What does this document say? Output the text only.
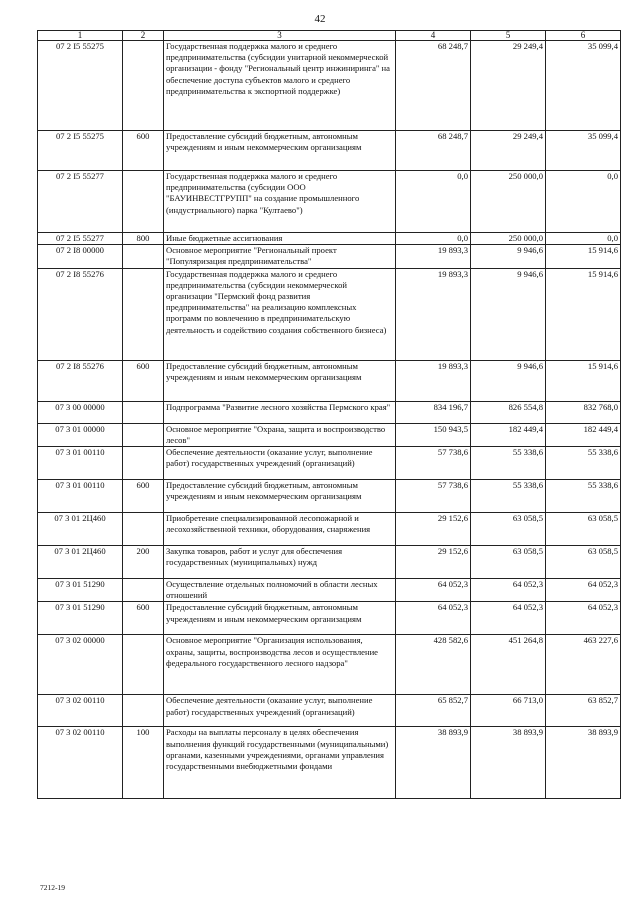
42
1	2	3	4	5	6
07 2 I5 55275		Государственная поддержка малого и среднего предпринимательства (субсидии унитарной некоммерческой организации - фонду "Региональный центр инжиниринга" на обеспечение доступа субъектов малого и среднего предпринимательства к экспортной поддержке)	68 248,7	29 249,4	35 099,4
07 2 I5 55275	600	Предоставление субсидий бюджетным, автономным учреждениям и иным некоммерческим организациям	68 248,7	29 249,4	35 099,4
07 2 I5 55277		Государственная поддержка малого и среднего предпринимательства (субсидии ООО "БАУИНВЕСТГРУПП" на создание промышленного (индустриального) парка "Култаево")	0,0	250 000,0	0,0
07 2 I5 55277	800	Иные бюджетные ассигнования	0,0	250 000,0	0,0
07 2 I8 00000		Основное мероприятие "Региональный проект "Популяризация предпринимательства"	19 893,3	9 946,6	15 914,6
07 2 I8 55276		Государственная поддержка малого и среднего предпринимательства (субсидии некоммерческой организации "Пермский фонд развития предпринимательства" на реализацию комплексных программ по вовлечению в предпринимательскую деятельность и содействию создания собственного бизнеса)	19 893,3	9 946,6	15 914,6
07 2 I8 55276	600	Предоставление субсидий бюджетным, автономным учреждениям и иным некоммерческим организациям	19 893,3	9 946,6	15 914,6
07 3 00 00000		Подпрограмма "Развитие лесного хозяйства Пермского края"	834 196,7	826 554,8	832 768,0
07 3 01 00000		Основное мероприятие "Охрана, защита и воспроизводство лесов"	150 943,5	182 449,4	182 449,4
07 3 01 00110		Обеспечение деятельности (оказание услуг, выполнение работ) государственных учреждений (организаций)	57 738,6	55 338,6	55 338,6
07 3 01 00110	600	Предоставление субсидий бюджетным, автономным учреждениям и иным некоммерческим организациям	57 738,6	55 338,6	55 338,6
07 3 01 2Ц460		Приобретение специализированной лесопожарной и лесохозяйственной техники, оборудования, снаряжения	29 152,6	63 058,5	63 058,5
07 3 01 2Ц460	200	Закупка товаров, работ и услуг для обеспечения государственных (муниципальных) нужд	29 152,6	63 058,5	63 058,5
07 3 01 51290		Осуществление отдельных полномочий в области лесных отношений	64 052,3	64 052,3	64 052,3
07 3 01 51290	600	Предоставление субсидий бюджетным, автономным учреждениям и иным некоммерческим организациям	64 052,3	64 052,3	64 052,3
07 3 02 00000		Основное мероприятие "Организация использования, охраны, защиты, воспроизводства лесов и осуществление федерального государственного лесного надзора"	428 582,6	451 264,8	463 227,6
07 3 02 00110		Обеспечение деятельности (оказание услуг, выполнение работ) государственных учреждений (организаций)	65 852,7	66 713,0	63 852,7
07 3 02 00110	100	Расходы на выплаты персоналу в целях обеспечения выполнения функций государственными (муниципальными) органами, казенными учреждениями, органами управления государственными внебюджетными фондами	38 893,9	38 893,9	38 893,9
7212-19
